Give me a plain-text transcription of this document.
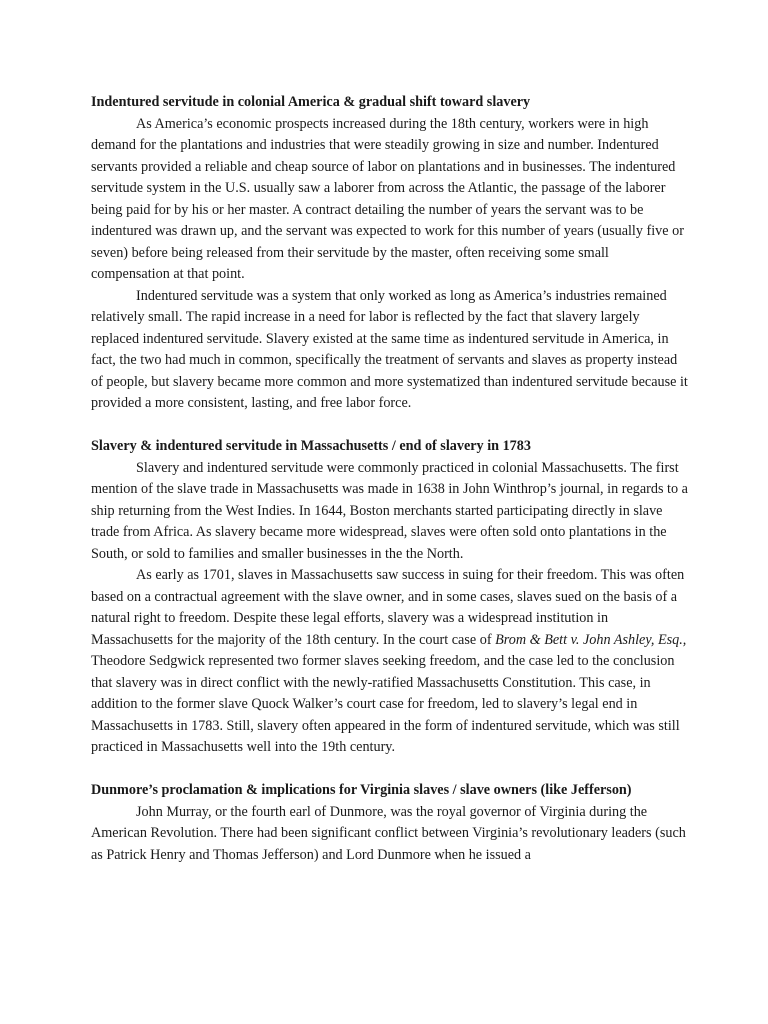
Indentured servitude in colonial America & gradual shift toward slavery

As America’s economic prospects increased during the 18th century, workers were in high demand for the plantations and industries that were steadily growing in size and number. Indentured servants provided a reliable and cheap source of labor on plantations and in businesses. The indentured servitude system in the U.S. usually saw a laborer from across the Atlantic, the passage of the laborer being paid for by his or her master. A contract detailing the number of years the servant was to be indentured was drawn up, and the servant was expected to work for this number of years (usually five or seven) before being released from their servitude by the master, often receiving some small compensation at that point.

Indentured servitude was a system that only worked as long as America’s industries remained relatively small. The rapid increase in a need for labor is reflected by the fact that slavery largely replaced indentured servitude. Slavery existed at the same time as indentured servitude in America, in fact, the two had much in common, specifically the treatment of servants and slaves as property instead of people, but slavery became more common and more systematized than indentured servitude because it provided a more consistent, lasting, and free labor force.

Slavery & indentured servitude in Massachusetts / end of slavery in 1783

Slavery and indentured servitude were commonly practiced in colonial Massachusetts. The first mention of the slave trade in Massachusetts was made in 1638 in John Winthrop’s journal, in regards to a ship returning from the West Indies. In 1644, Boston merchants started participating directly in slave trade from Africa. As slavery became more widespread, slaves were often sold onto plantations in the South, or sold to families and smaller businesses in the the North.

As early as 1701, slaves in Massachusetts saw success in suing for their freedom. This was often based on a contractual agreement with the slave owner, and in some cases, slaves sued on the basis of a natural right to freedom. Despite these legal efforts, slavery was a widespread institution in Massachusetts for the majority of the 18th century. In the court case of Brom & Bett v. John Ashley, Esq., Theodore Sedgwick represented two former slaves seeking freedom, and the case led to the conclusion that slavery was in direct conflict with the newly-ratified Massachusetts Constitution. This case, in addition to the former slave Quock Walker’s court case for freedom, led to slavery’s legal end in Massachusetts in 1783. Still, slavery often appeared in the form of indentured servitude, which was still practiced in Massachusetts well into the 19th century.

Dunmore’s proclamation & implications for Virginia slaves / slave owners (like Jefferson)

John Murray, or the fourth earl of Dunmore, was the royal governor of Virginia during the American Revolution. There had been significant conflict between Virginia’s revolutionary leaders (such as Patrick Henry and Thomas Jefferson) and Lord Dunmore when he issued a
